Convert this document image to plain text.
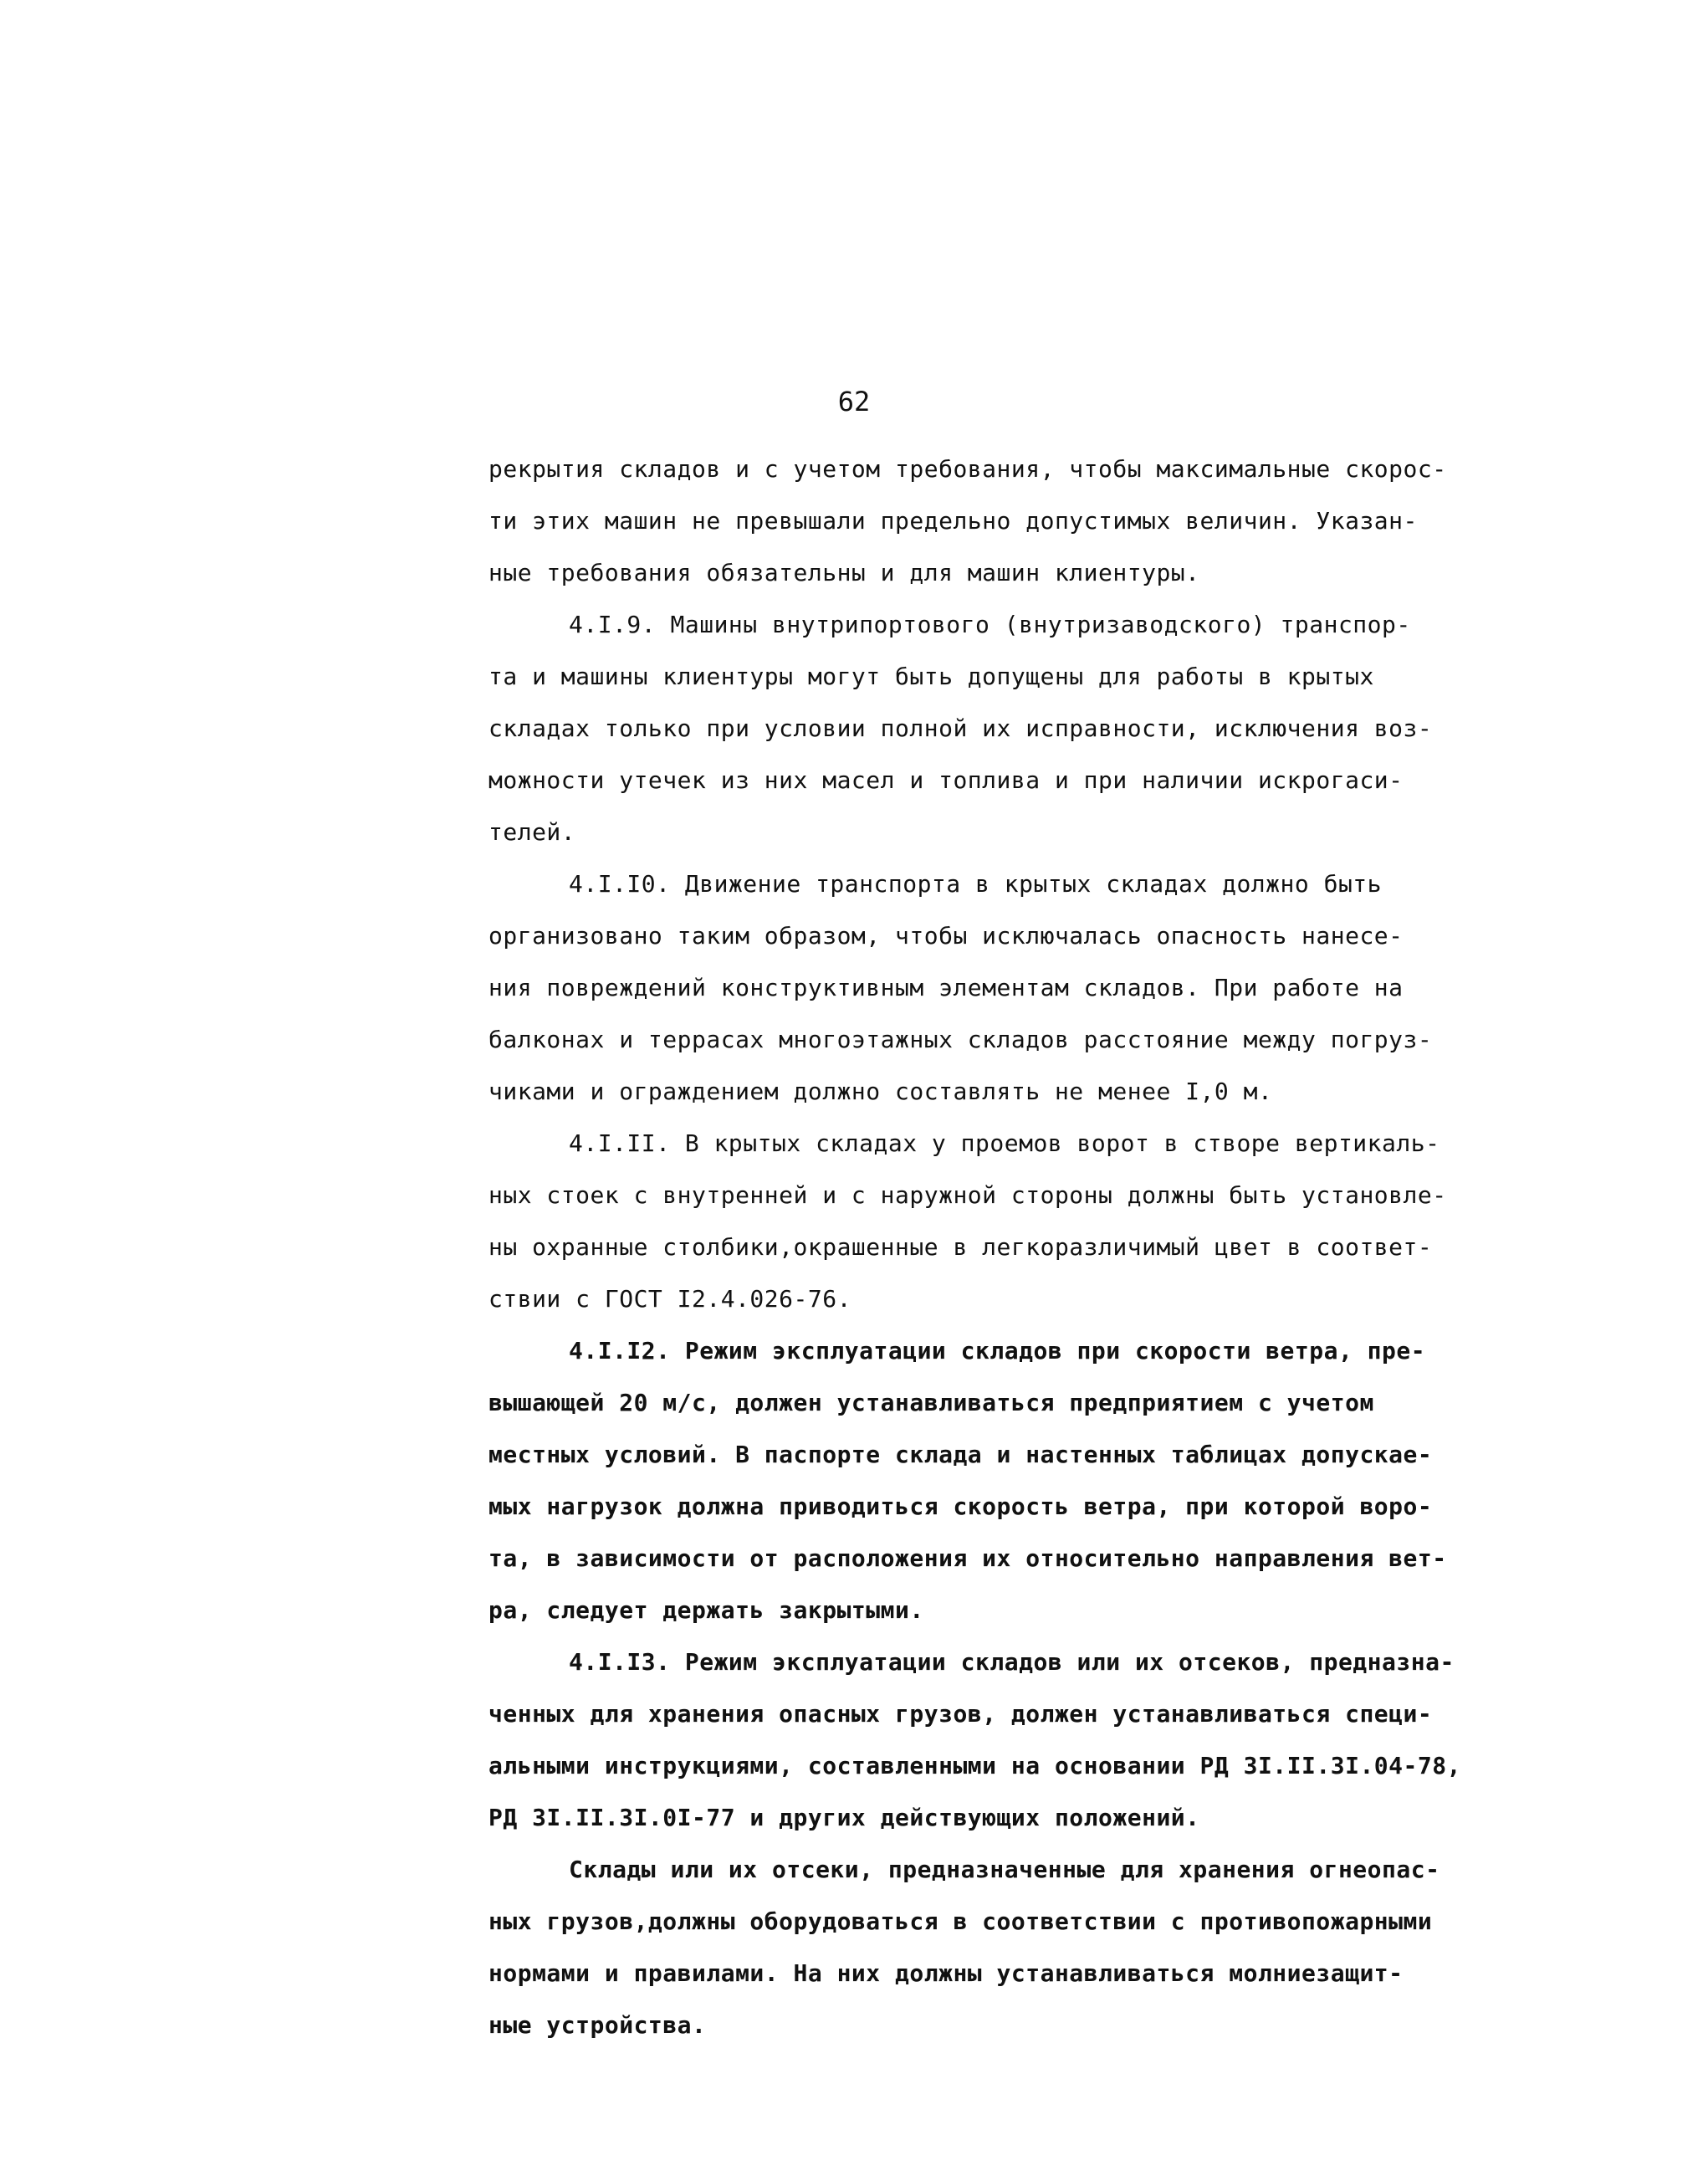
62
рекрытия складов и с учетом требования, чтобы максимальные скорос-
ти этих машин не превышали предельно допустимых величин. Указан-
ные требования обязательны и для машин клиентуры.
4.I.9. Машины внутрипортового (внутризаводского) транспор-
та и машины клиентуры могут быть допущены для работы в крытых
складах только при условии полной их исправности, исключения воз-
можности утечек из них масел и топлива и при наличии искрогаси-
телей.
4.I.I0. Движение транспорта в крытых складах должно быть
организовано таким образом, чтобы исключалась опасность нанесе-
ния повреждений конструктивным элементам складов. При работе на
балконах и террасах многоэтажных складов расстояние между погруз-
чиками и ограждением должно составлять не менее I,0 м.
4.I.II. В крытых складах у проемов ворот в створе вертикаль-
ных стоек с внутренней и с наружной стороны должны быть установле-
ны охранные столбики,окрашенные в легкоразличимый цвет в соответ-
ствии с ГОСТ I2.4.026-76.
4.I.I2. Режим эксплуатации складов при скорости ветра, пре-
вышающей 20 м/с, должен устанавливаться предприятием с учетом
местных условий. В паспорте склада и настенных таблицах допускае-
мых нагрузок должна приводиться скорость ветра, при которой воро-
та, в зависимости от расположения их относительно направления вет-
ра, следует держать закрытыми.
4.I.I3. Режим эксплуатации складов или их отсеков, предназна-
ченных для хранения опасных грузов, должен устанавливаться специ-
альными инструкциями, составленными на основании РД 3I.II.3I.04-78,
РД 3I.II.3I.0I-77 и других действующих положений.
Склады или их отсеки, предназначенные для хранения огнеопас-
ных грузов,должны оборудоваться в соответствии с противопожарными
нормами и правилами. На них должны устанавливаться молниезащит-
ные устройства.
